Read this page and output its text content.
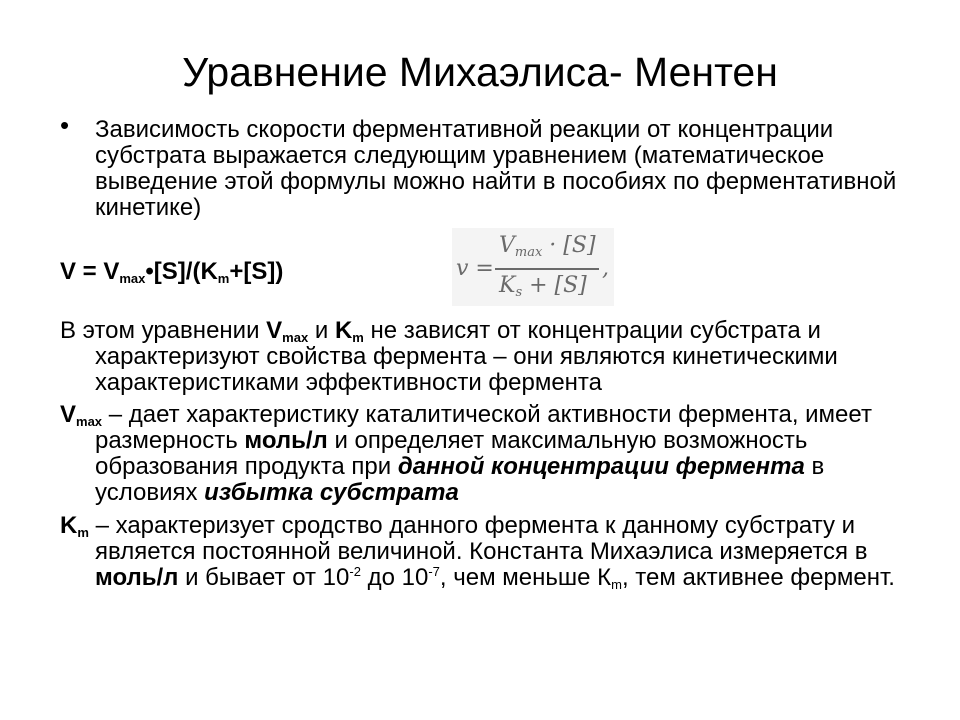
Уравнение Михаэлиса- Ментен
• Зависимость скорости ферментативной реакции от концентрации субстрата выражается следующим уравнением (математическое выведение этой формулы можно найти в пособиях по ферментативной кинетике)
$V = V_{max}•[S]/(K_m+[S])$	v =
$V_{max} \cdot [S]$
$K_s + [S]$
,

В этом уравнении $V_{max}$ и $K_m$ не зависят от концентрации субстрата и характеризуют свойства фермента – они являются кинетическими характеристиками эффективности фермента

$V_{max}$ – дает характеристику каталитической активности фермента, имеет размерность моль/л и определяет максимальную возможность образования продукта при данной концентрации фермента в условиях избытка субстрата

$K_m$ – характеризует сродство данного фермента к данному субстрату и является постоянной величиной. Константа Михаэлиса измеряется в моль/л и бывает от $10^{-2}$ до $10^{-7}$, чем меньше $К_m$, тем активнее фермент.
